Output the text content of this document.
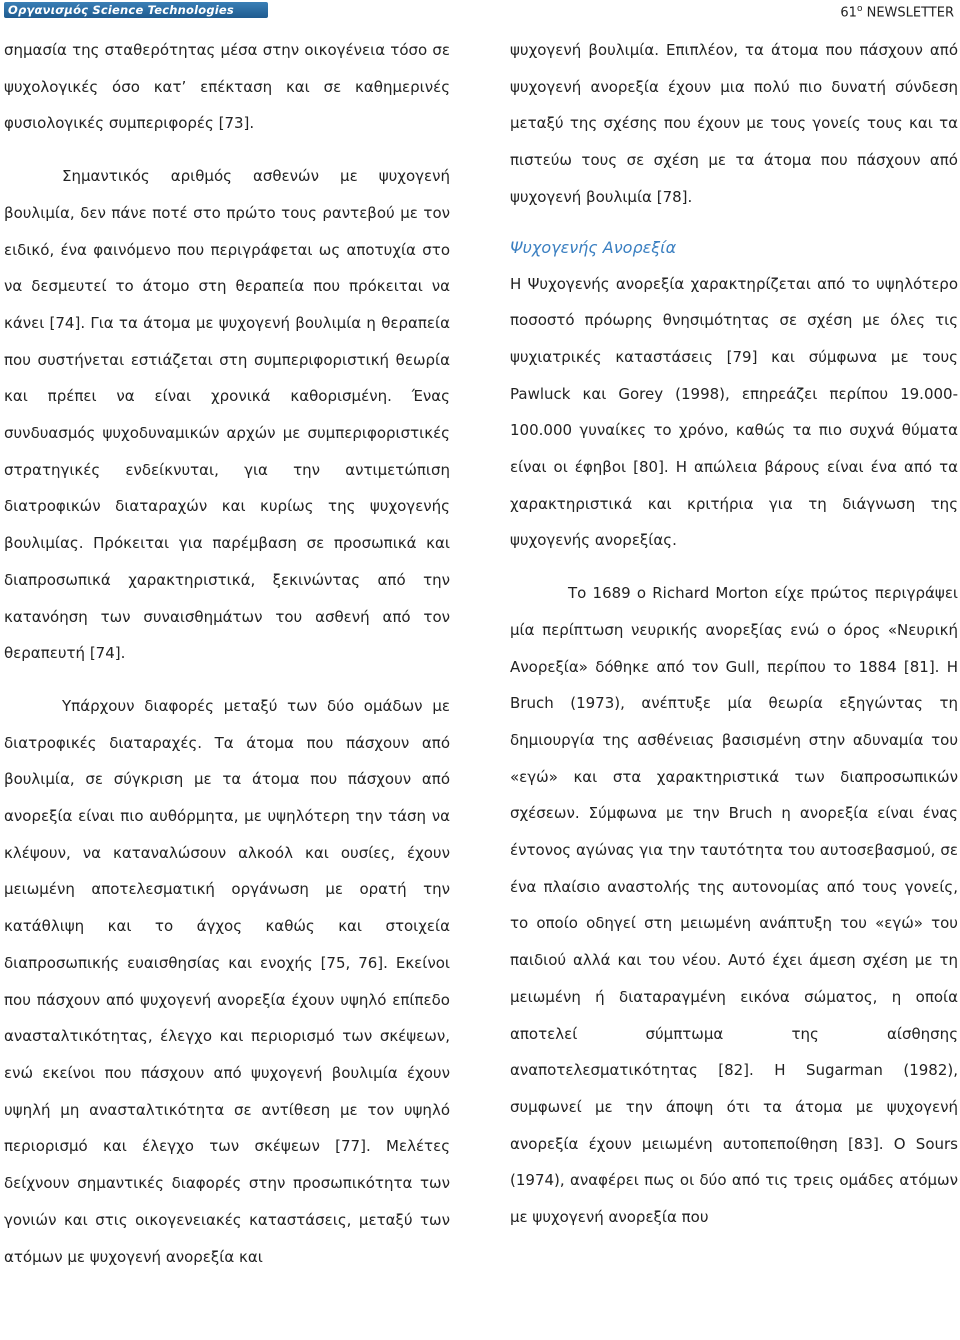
Οργανισμός Science Technologies	$61^o$ NEWSLETTER

σημασία της σταθερότητας μέσα στην οικογένεια τόσο σε ψυχολογικές όσο κατ’ επέκταση και σε καθημερινές φυσιολογικές συμπεριφορές [73].

Σημαντικός αριθμός ασθενών με ψυχογενή βουλιμία, δεν πάνε ποτέ στο πρώτο τους ραντεβού με τον ειδικό, ένα φαινόμενο που περιγράφεται ως αποτυχία στο να δεσμευτεί το άτομο στη θεραπεία που πρόκειται να κάνει [74]. Για τα άτομα με ψυχογενή βουλιμία η θεραπεία που συστήνεται εστιάζεται στη συμπεριφοριστική θεωρία και πρέπει να είναι χρονικά καθορισμένη. Ένας συνδυασμός ψυχοδυναμικών αρχών με συμπεριφοριστικές στρατηγικές ενδείκνυται, για την αντιμετώπιση διατροφικών διαταραχών και κυρίως της ψυχογενής βουλιμίας. Πρόκειται για παρέμβαση σε προσωπικά και διαπροσωπικά χαρακτηριστικά, ξεκινώντας από την κατανόηση των συναισθημάτων του ασθενή από τον θεραπευτή [74].

Υπάρχουν διαφορές μεταξύ των δύο ομάδων με διατροφικές διαταραχές. Τα άτομα που πάσχουν από βουλιμία, σε σύγκριση με τα άτομα που πάσχουν από ανορεξία είναι πιο αυθόρμητα, με υψηλότερη την τάση να κλέψουν, να καταναλώσουν αλκοόλ και ουσίες, έχουν μειωμένη αποτελεσματική οργάνωση με ορατή την κατάθλιψη και το άγχος καθώς και στοιχεία διαπροσωπικής ευαισθησίας και ενοχής [75, 76]. Εκείνοι που πάσχουν από ψυχογενή ανορεξία έχουν υψηλό επίπεδο ανασταλτικότητας, έλεγχο και περιορισμό των σκέψεων, ενώ εκείνοι που πάσχουν από ψυχογενή βουλιμία έχουν υψηλή μη ανασταλτικότητα σε αντίθεση με τον υψηλό περιορισμό και έλεγχο των σκέψεων [77]. Μελέτες δείχνουν σημαντικές διαφορές στην προσωπικότητα των γονιών και στις οικογενειακές καταστάσεις, μεταξύ των ατόμων με ψυχογενή ανορεξία και

ψυχογενή βουλιμία. Επιπλέον, τα άτομα που πάσχουν από ψυχογενή ανορεξία έχουν μια πολύ πιο δυνατή σύνδεση μεταξύ της σχέσης που έχουν με τους γονείς τους και τα πιστεύω τους σε σχέση με τα άτομα που πάσχουν από ψυχογενή βουλιμία [78].

Ψυχογενής Ανορεξία

Η Ψυχογενής ανορεξία χαρακτηρίζεται από το υψηλότερο ποσοστό πρόωρης θνησιμότητας σε σχέση με όλες τις ψυχιατρικές καταστάσεις [79] και σύμφωνα με τους Pawluck και Gorey (1998), επηρεάζει περίπου 19.000-100.000 γυναίκες το χρόνο, καθώς τα πιο συχνά θύματα είναι οι έφηβοι [80]. Η απώλεια βάρους είναι ένα από τα χαρακτηριστικά και κριτήρια για τη διάγνωση της ψυχογενής ανορεξίας.

Το 1689 ο Richard Morton είχε πρώτος περιγράψει μία περίπτωση νευρικής ανορεξίας ενώ ο όρος «Νευρική Ανορεξία» δόθηκε από τον Gull, περίπου το 1884 [81]. Η Bruch (1973), ανέπτυξε μία θεωρία εξηγώντας τη δημιουργία της ασθένειας βασισμένη στην αδυναμία του «εγώ» και στα χαρακτηριστικά των διαπροσωπικών σχέσεων. Σύμφωνα με την Bruch η ανορεξία είναι ένας έντονος αγώνας για την ταυτότητα του αυτοσεβασμού, σε ένα πλαίσιο αναστολής της αυτονομίας από τους γονείς, το οποίο οδηγεί στη μειωμένη ανάπτυξη του «εγώ» του παιδιού αλλά και του νέου. Αυτό έχει άμεση σχέση με τη μειωμένη ή διαταραγμένη εικόνα σώματος, η οποία αποτελεί σύμπτωμα της αίσθησης αναποτελεσματικότητας [82]. Η Sugarman (1982), συμφωνεί με την άποψη ότι τα άτομα με ψυχογενή ανορεξία έχουν μειωμένη αυτοπεποίθηση [83]. Ο Sours (1974), αναφέρει πως οι δύο από τις τρεις ομάδες ατόμων με ψυχογενή ανορεξία που
